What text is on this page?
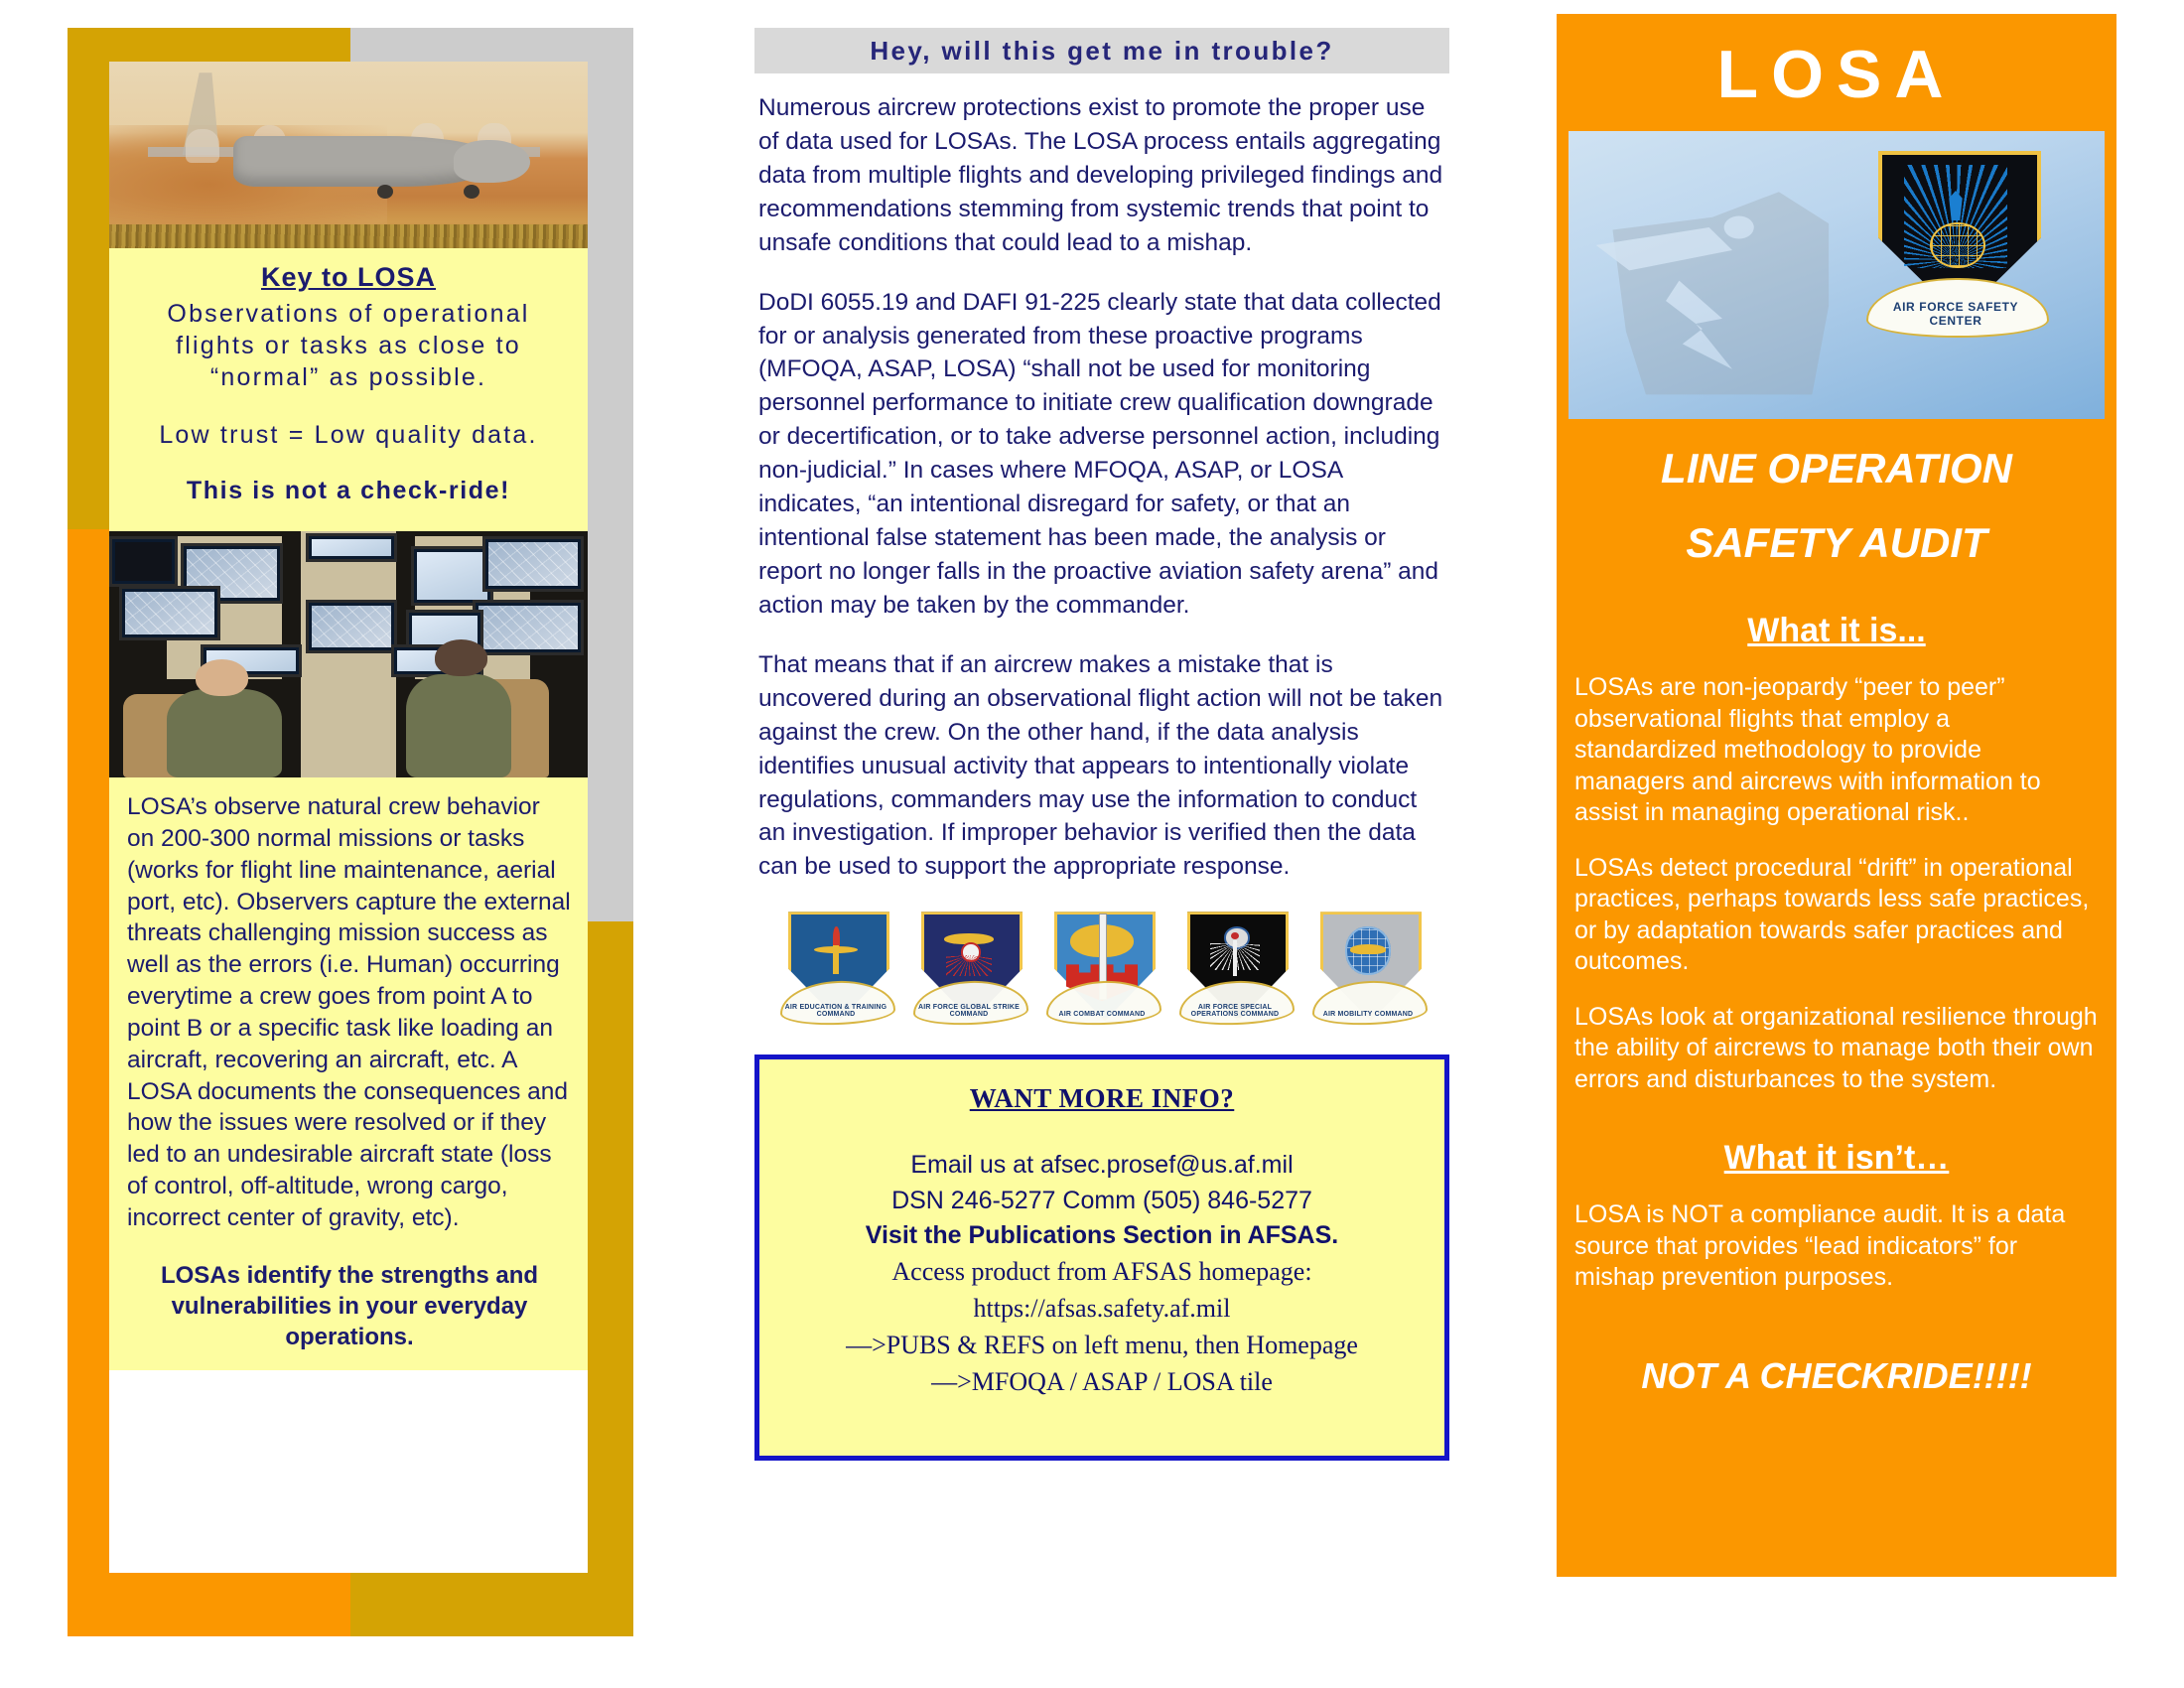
Key to LOSA
Observations of operational
flights or tasks as close to
“normal” as possible.
Low trust = Low quality data.
This is not a check-ride!
LOSA’s observe natural crew behavior on 200-300 normal missions or tasks (works for flight line maintenance, aerial port, etc). Observers capture the external threats challenging mission success as well as the errors (i.e. Human) occurring everytime a crew goes from point A to point B or a specific task like loading an aircraft, recovering an aircraft, etc. A LOSA documents the consequences and how the issues were resolved or if they led to an undesirable aircraft state (loss of control, off-altitude, wrong cargo, incorrect center of gravity, etc).
LOSAs identify the strengths and vulnerabilities in your everyday operations.
Hey, will this get me in trouble?

Numerous aircrew protections exist to promote the proper use of data used for LOSAs. The LOSA process entails aggregating data from multiple flights and developing privileged findings and recommendations stemming from systemic trends that point to unsafe conditions that could lead to a mishap.

DoDI 6055.19 and DAFI 91-225 clearly state that data collected for or analysis generated from these proactive programs (MFOQA, ASAP, LOSA) “shall not be used for monitoring personnel performance to initiate crew qualification downgrade or decertification, or to take adverse personnel action, including non-judicial.” In cases where MFOQA, ASAP, or LOSA indicates, “an intentional disregard for safety, or that an intentional false statement has been made, the analysis or report no longer falls in the proactive aviation safety arena” and action may be taken by the commander.

That means that if an aircrew makes a mistake that is uncovered during an observational flight action will not be taken against the crew. On the other hand, if the data analysis identifies unusual activity that appears to intentionally violate regulations, commanders may use the information to conduct an investigation. If improper behavior is verified then the data can be used to support the appropriate response.

AIR EDUCATION & TRAINING COMMAND
AIR FORCE GLOBAL STRIKE COMMAND	AIR COMBAT COMMAND
AIR FORCE SPECIAL OPERATIONS COMMAND	AIR MOBILITY COMMAND
WANT MORE INFO?
Email us at afsec.prosef@us.af.mil
DSN 246-5277 Comm (505) 846-5277
Visit the Publications Section in AFSAS.
Access product from AFSAS homepage:
https://afsas.safety.af.mil
—>PUBS & REFS on left menu, then Homepage
—>MFOQA / ASAP / LOSA tile
LOSA
AIR FORCE SAFETY CENTER
LINE OPERATION
SAFETY AUDIT
What it is...
LOSAs are non-jeopardy “peer to peer” observational flights that employ a standardized methodology to provide managers and aircrews with information to assist in managing operational risk..
LOSAs detect procedural “drift” in operational practices, perhaps towards less safe practices, or by adaptation towards safer practices and outcomes.
LOSAs look at organizational resilience through the ability of aircrews to manage both their own errors and disturbances to the system.
What it isn’t…
LOSA is NOT a compliance audit. It is a data source that provides “lead indicators” for mishap prevention purposes.
NOT A CHECKRIDE!!!!!
